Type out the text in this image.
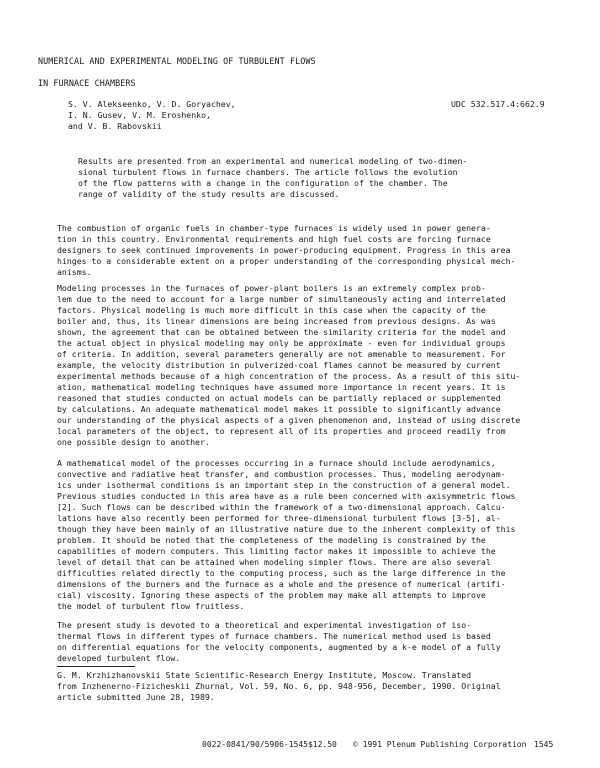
NUMERICAL AND EXPERIMENTAL MODELING OF TURBULENT FLOWS
IN FURNACE CHAMBERS
S. V. Alekseenko, V. D. Goryachev,
I. N. Gusev, V. M. Eroshenko,
and V. B. Rabovskii
UDC 532.517.4:662.9
Results are presented from an experimental and numerical modeling of two-dimen-
sional turbulent flows in furnace chambers. The article follows the evolution
of the flow patterns with a change in the configuration of the chamber. The
range of validity of the study results are discussed.
The combustion of organic fuels in chamber-type furnaces is widely used in power genera-
tion in this country. Environmental requirements and high fuel costs are forcing furnace
designers to seek continued improvements in power-producing equipment. Progress in this area
hinges to a considerable extent on a proper understanding of the corresponding physical mech-
anisms.
Modeling processes in the furnaces of power-plant boilers is an extremely complex prob-
lem due to the need to account for a large number of simultaneously acting and interrelated
factors. Physical modeling is much more difficult in this case when the capacity of the
boiler and, thus, its linear dimensions are being increased from previous designs. As was
shown, the agreement that can be obtained between the similarity criteria for the model and
the actual object in physical modeling may only be approximate - even for individual groups
of criteria. In addition, several parameters generally are not amenable to measurement. For
example, the velocity distribution in pulverized-coal flames cannot be measured by current
experimental methods because of a high concentration of the process. As a result of this situ-
ation, mathematical modeling techniques have assumed more importance in recent years. It is
reasoned that studies conducted on actual models can be partially replaced or supplemented
by calculations. An adequate mathematical model makes it possible to significantly advance
our understanding of the physical aspects of a given phenomenon and, instead of using discrete
local parameters of the object, to represent all of its properties and proceed readily from
one possible design to another.
A mathematical model of the processes occurring in a furnace should include aerodynamics,
convective and radiative heat transfer, and combustion processes. Thus, modeling aerodynam-
ics under isothermal conditions is an important step in the construction of a general model.
Previous studies conducted in this area have as a rule been concerned with axisymmetric flows
[2]. Such flows can be described within the framework of a two-dimensional approach. Calcu-
lations have also recently been performed for three-dimensional turbulent flows [3-5], al-
though they have been mainly of an illustrative nature due to the inherent complexity of this
problem. It should be noted that the completeness of the modeling is constrained by the
capabilities of modern computers. This limiting factor makes it impossible to achieve the
level of detail that can be attained when modeling simpler flows. There are also several
difficulties related directly to the computing process, such as the large difference in the
dimensions of the burners and the furnace as a whole and the presence of numerical (artifi-
cial) viscosity. Ignoring these aspects of the problem may make all attempts to improve
the model of turbulent flow fruitless.
The present study is devoted to a theoretical and experimental investigation of iso-
thermal flows in different types of furnace chambers. The numerical method used is based
on differential equations for the velocity components, augmented by a k-e model of a fully
developed turbulent flow.
G. M. Krzhizhanovskii State Scientific-Research Energy Institute, Moscow. Translated
from Inzhenerno-Fizicheskii Zhurnal, Vol. 59, No. 6, pp. 948-956, December, 1990. Original
article submitted June 28, 1989.
0022-0841/90/5906-1545$12.50 © 1991 Plenum Publishing Corporation 1545
